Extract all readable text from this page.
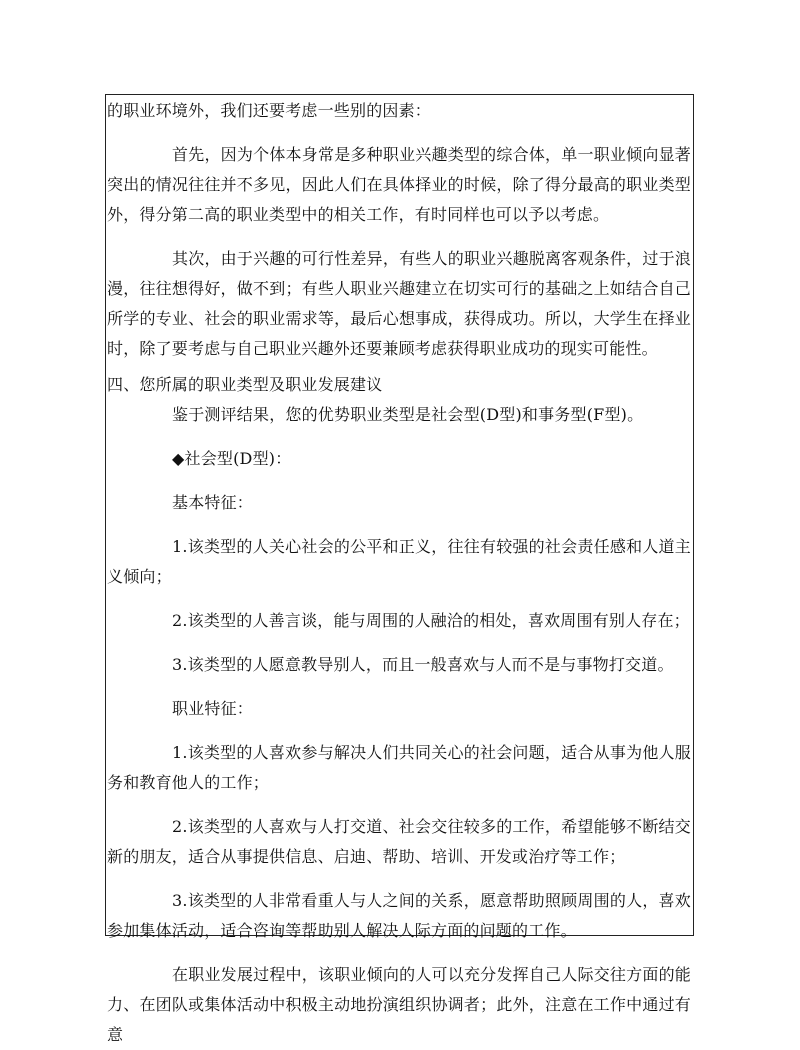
的职业环境外，我们还要考虑一些别的因素：

首先，因为个体本身常是多种职业兴趣类型的综合体，单一职业倾向显著突出的情况往往并不多见，因此人们在具体择业的时候，除了得分最高的职业类型外，得分第二高的职业类型中的相关工作，有时同样也可以予以考虑。

其次，由于兴趣的可行性差异，有些人的职业兴趣脱离客观条件，过于浪漫，往往想得好，做不到；有些人职业兴趣建立在切实可行的基础之上如结合自己所学的专业、社会的职业需求等，最后心想事成，获得成功。所以，大学生在择业时，除了要考虑与自己职业兴趣外还要兼顾考虑获得职业成功的现实可能性。

四、您所属的职业类型及职业发展建议

鉴于测评结果，您的优势职业类型是社会型(D型)和事务型(F型)。

◆社会型(D型)：

基本特征：

1.该类型的人关心社会的公平和正义，往往有较强的社会责任感和人道主义倾向；

2.该类型的人善言谈，能与周围的人融洽的相处，喜欢周围有别人存在；

3.该类型的人愿意教导别人，而且一般喜欢与人而不是与事物打交道。

职业特征：

1.该类型的人喜欢参与解决人们共同关心的社会问题，适合从事为他人服务和教育他人的工作；

2.该类型的人喜欢与人打交道、社会交往较多的工作，希望能够不断结交新的朋友，适合从事提供信息、启迪、帮助、培训、开发或治疗等工作；

3.该类型的人非常看重人与人之间的关系，愿意帮助照顾周围的人，喜欢参加集体活动，适合咨询等帮助别人解决人际方面的问题的工作。

在职业发展过程中，该职业倾向的人可以充分发挥自己人际交往方面的能力、在团队或集体活动中积极主动地扮演组织协调者；此外，注意在工作中通过有意
